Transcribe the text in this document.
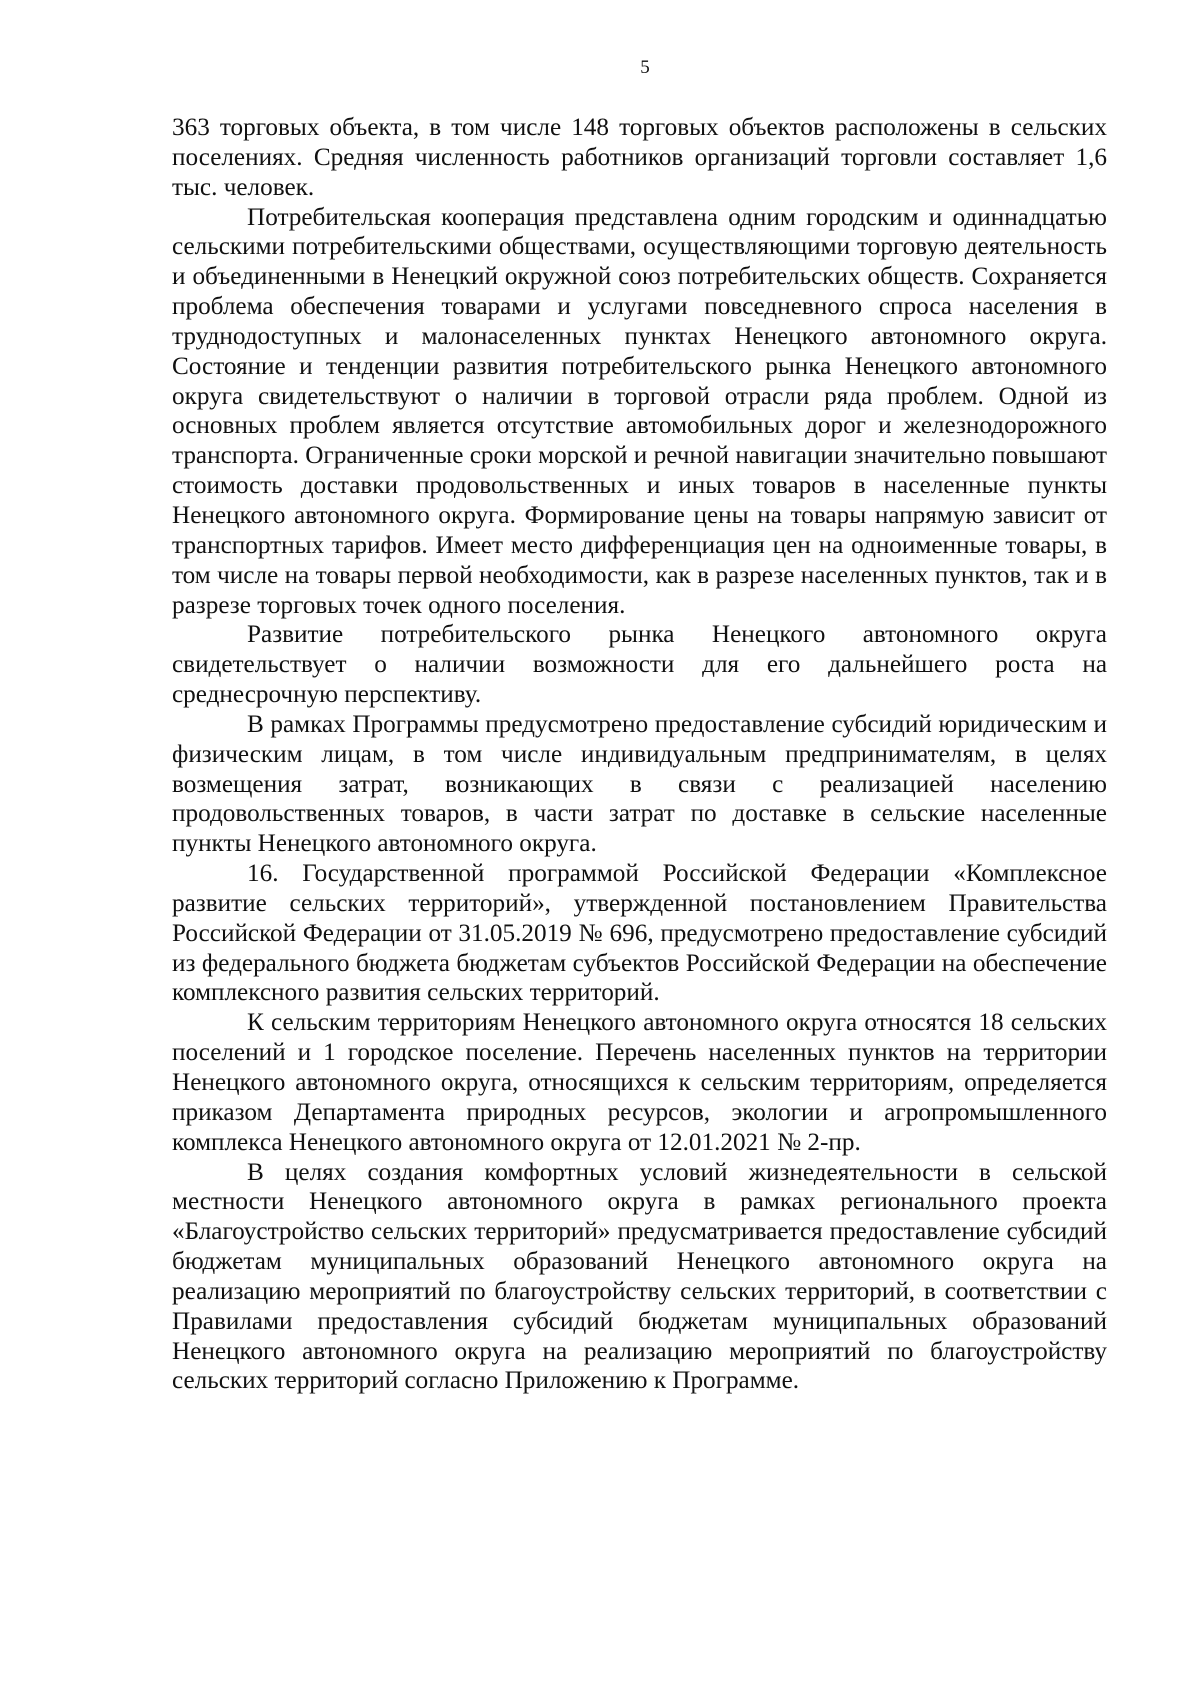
5

363 торговых объекта, в том числе 148 торговых объектов расположены в сельских поселениях. Средняя численность работников организаций торговли составляет 1,6 тыс. человек.

Потребительская кооперация представлена одним городским и одиннадцатью сельскими потребительскими обществами, осуществляющими торговую деятельность и объединенными в Ненецкий окружной союз потребительских обществ. Сохраняется проблема обеспечения товарами и услугами повседневного спроса населения в труднодоступных и малонаселенных пунктах Ненецкого автономного округа. Состояние и тенденции развития потребительского рынка Ненецкого автономного округа свидетельствуют о наличии в торговой отрасли ряда проблем. Одной из основных проблем является отсутствие автомобильных дорог и железнодорожного транспорта. Ограниченные сроки морской и речной навигации значительно повышают стоимость доставки продовольственных и иных товаров в населенные пункты Ненецкого автономного округа. Формирование цены на товары напрямую зависит от транспортных тарифов. Имеет место дифференциация цен на одноименные товары, в том числе на товары первой необходимости, как в разрезе населенных пунктов, так и в разрезе торговых точек одного поселения.

Развитие потребительского рынка Ненецкого автономного округа свидетельствует о наличии возможности для его дальнейшего роста на среднесрочную перспективу.

В рамках Программы предусмотрено предоставление субсидий юридическим и физическим лицам, в том числе индивидуальным предпринимателям, в целях возмещения затрат, возникающих в связи с реализацией населению продовольственных товаров, в части затрат по доставке в сельские населенные пункты Ненецкого автономного округа.

16. Государственной программой Российской Федерации «Комплексное развитие сельских территорий», утвержденной постановлением Правительства Российской Федерации от 31.05.2019 № 696, предусмотрено предоставление субсидий из федерального бюджета бюджетам субъектов Российской Федерации на обеспечение комплексного развития сельских территорий.

К сельским территориям Ненецкого автономного округа относятся 18 сельских поселений и 1 городское поселение. Перечень населенных пунктов на территории Ненецкого автономного округа, относящихся к сельским территориям, определяется приказом Департамента природных ресурсов, экологии и агропромышленного комплекса Ненецкого автономного округа от 12.01.2021 № 2-пр.

В целях создания комфортных условий жизнедеятельности в сельской местности Ненецкого автономного округа в рамках регионального проекта «Благоустройство сельских территорий» предусматривается предоставление субсидий бюджетам муниципальных образований Ненецкого автономного округа на реализацию мероприятий по благоустройству сельских территорий, в соответствии с Правилами предоставления субсидий бюджетам муниципальных образований Ненецкого автономного округа на реализацию мероприятий по благоустройству сельских территорий согласно Приложению к Программе.
